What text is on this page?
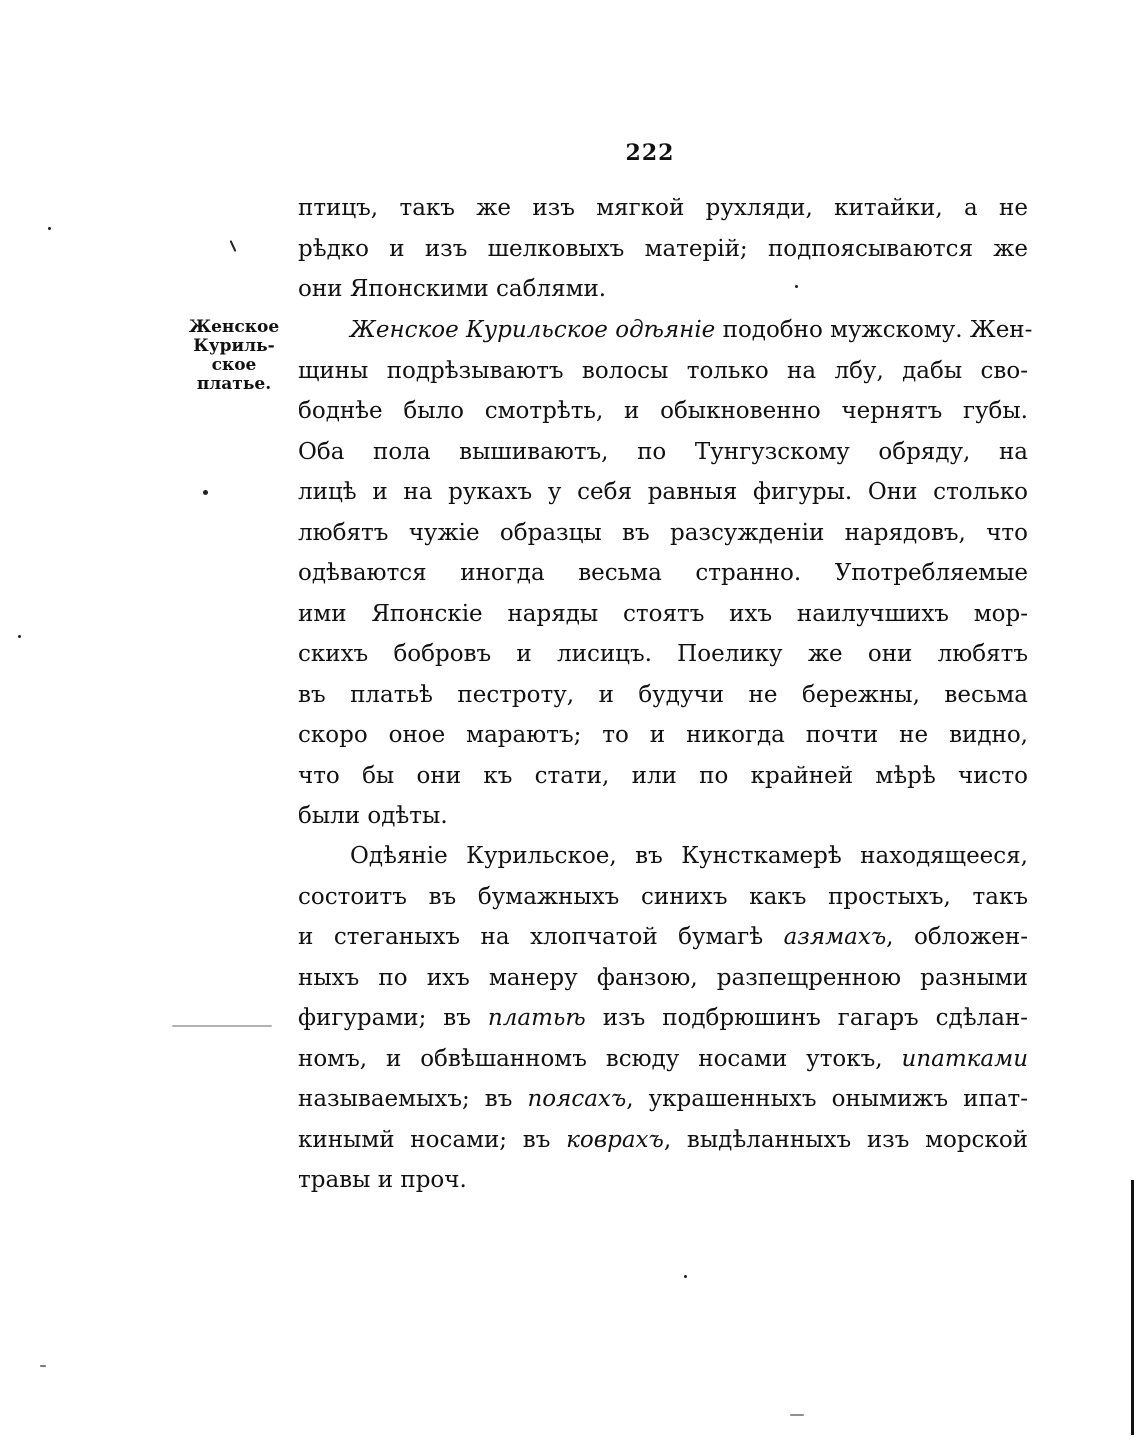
222
Женское
Куриль-
ское
платье.
птицъ, такъ же изъ мягкой рухляди, китайки, а не
рѣдко и изъ шелковыхъ матерій; подпоясываются же
они Японскими саблями.
Женское Курильское одѣянie подобно мужскому. Жен-
щины подрѣзываютъ волосы только на лбу, дабы сво-
боднѣе было смотрѣть, и обыкновенно чернятъ губы.
Оба пола вышиваютъ, по Тунгузскому обряду, на
лицѣ и на рукахъ у себя равныя фигуры. Они столько
любятъ чужіе образцы въ разсужденіи нарядовъ, что
одѣваются иногда весьма странно. Употребляемые
ими Японскіе наряды стоятъ ихъ наилучшихъ мор-
скихъ бобровъ и лисицъ. Поелику же они любятъ
въ платьѣ пестроту, и будучи не бережны, весьма
скоро оное мараютъ; то и никогда почти не видно,
что бы они къ стати, или по крайней мѣрѣ чисто
были одѣты.
Одѣяніе Курильское, въ Кунсткамерѣ находящееся,
состоитъ въ бумажныхъ синихъ какъ простыхъ, такъ
и стеганыхъ на хлопчатой бумагѣ азямахъ, обложен-
ныхъ по ихъ манеру фанзою, разпещренною разными
фигурами; въ платьѣ изъ подбрюшинъ гагаръ сдѣлан-
номъ, и обвѣшанномъ всюду носами утокъ, ипатками
называемыхъ; въ поясахъ, украшенныхъ онымижъ ипат-
кинымй носами; въ коврахъ, выдѣланныхъ изъ морской
травы и проч.
